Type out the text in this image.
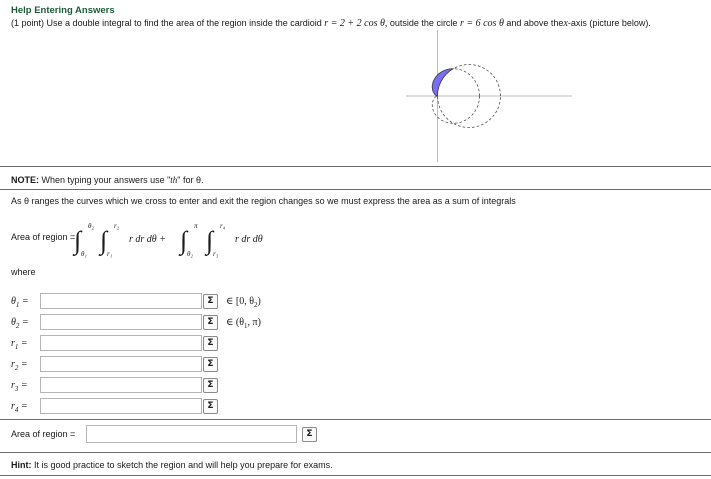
Help Entering Answers
(1 point) Use a double integral to find the area of the region inside the cardioid r = 2 + 2 cos θ, outside the circle r = 6 cos θ and above thex-axis (picture below).
NOTE: When typing your answers use "th" for θ.
As θ ranges the curves which we cross to enter and exit the region changes so we must express the area as a sum of integrals
Area of region =
∫ θ₂
θ₁ ∫ r₂
r₁
r dr dθ + ∫ π
θ₂ ∫ r₄
r₃
r dr dθ
where
$\theta_1$ =	Σ	∈ [0, $\theta_2$)
$\theta_2$ =	Σ	∈ ($\theta_1$, π)
$r_1$ =	Σ
$r_2$ =	Σ
$r_3$ =	Σ
$r_4$ =	Σ
Area of region =	Σ
Hint: It is good practice to sketch the region and will help you prepare for exams.
